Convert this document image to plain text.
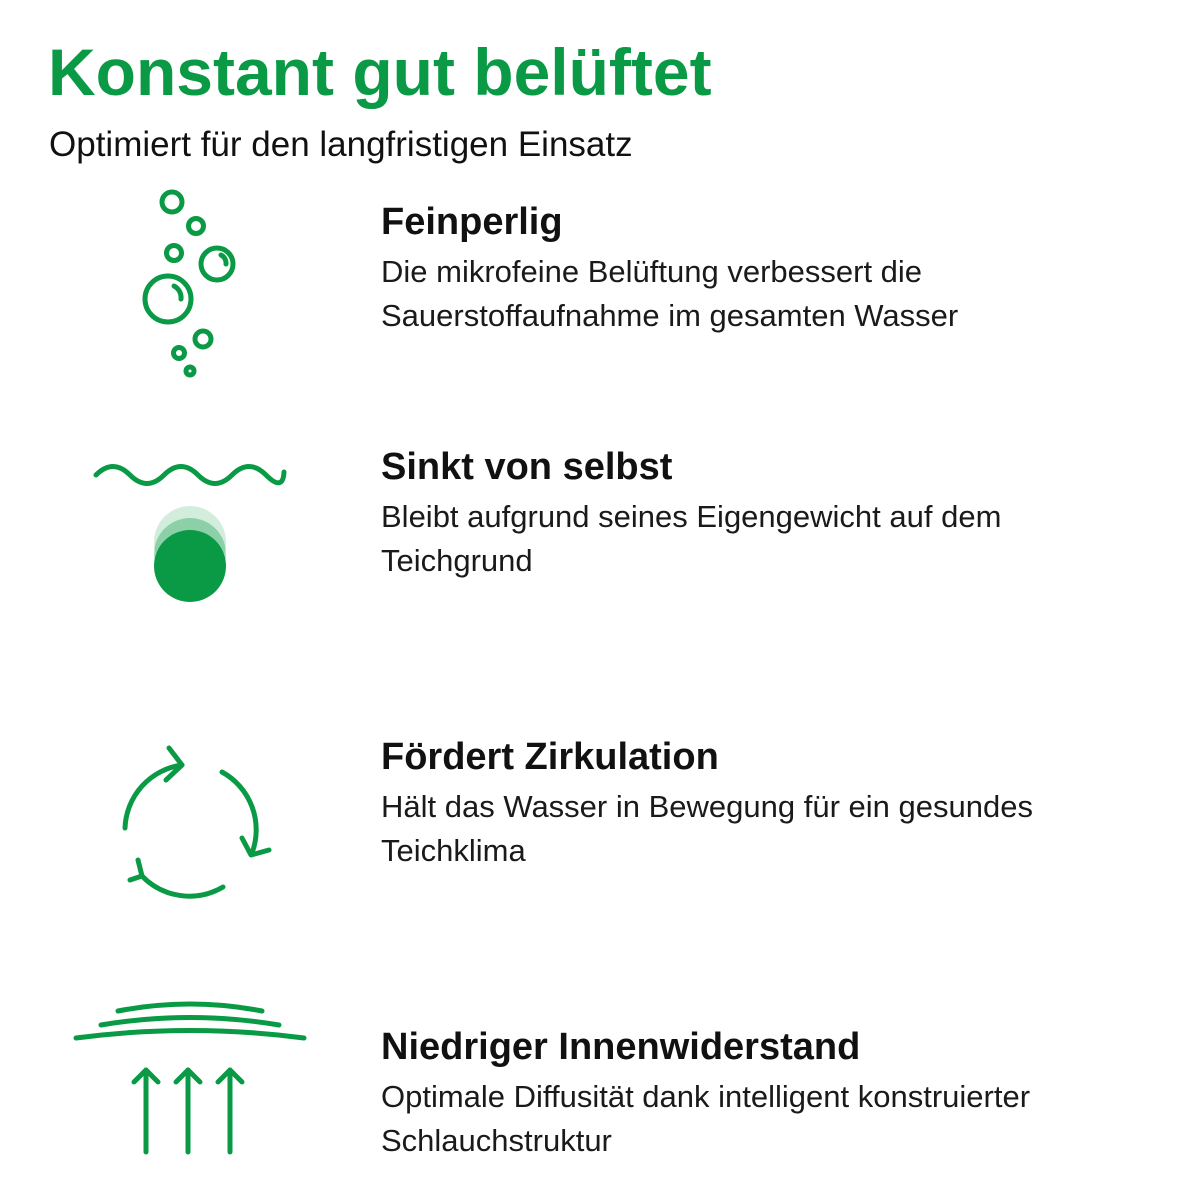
Konstant gut belüftet
Optimiert für den langfristigen Einsatz

Feinperlig

Die mikrofeine Belüftung verbessert die
Sauerstoffaufnahme im gesamten Wasser

Sinkt von selbst

Bleibt aufgrund seines Eigengewicht auf dem
Teichgrund

Fördert Zirkulation

Hält das Wasser in Bewegung für ein gesundes
Teichklima

Niedriger Innenwiderstand

Optimale Diffusität dank intelligent konstruierter
Schlauchstruktur
